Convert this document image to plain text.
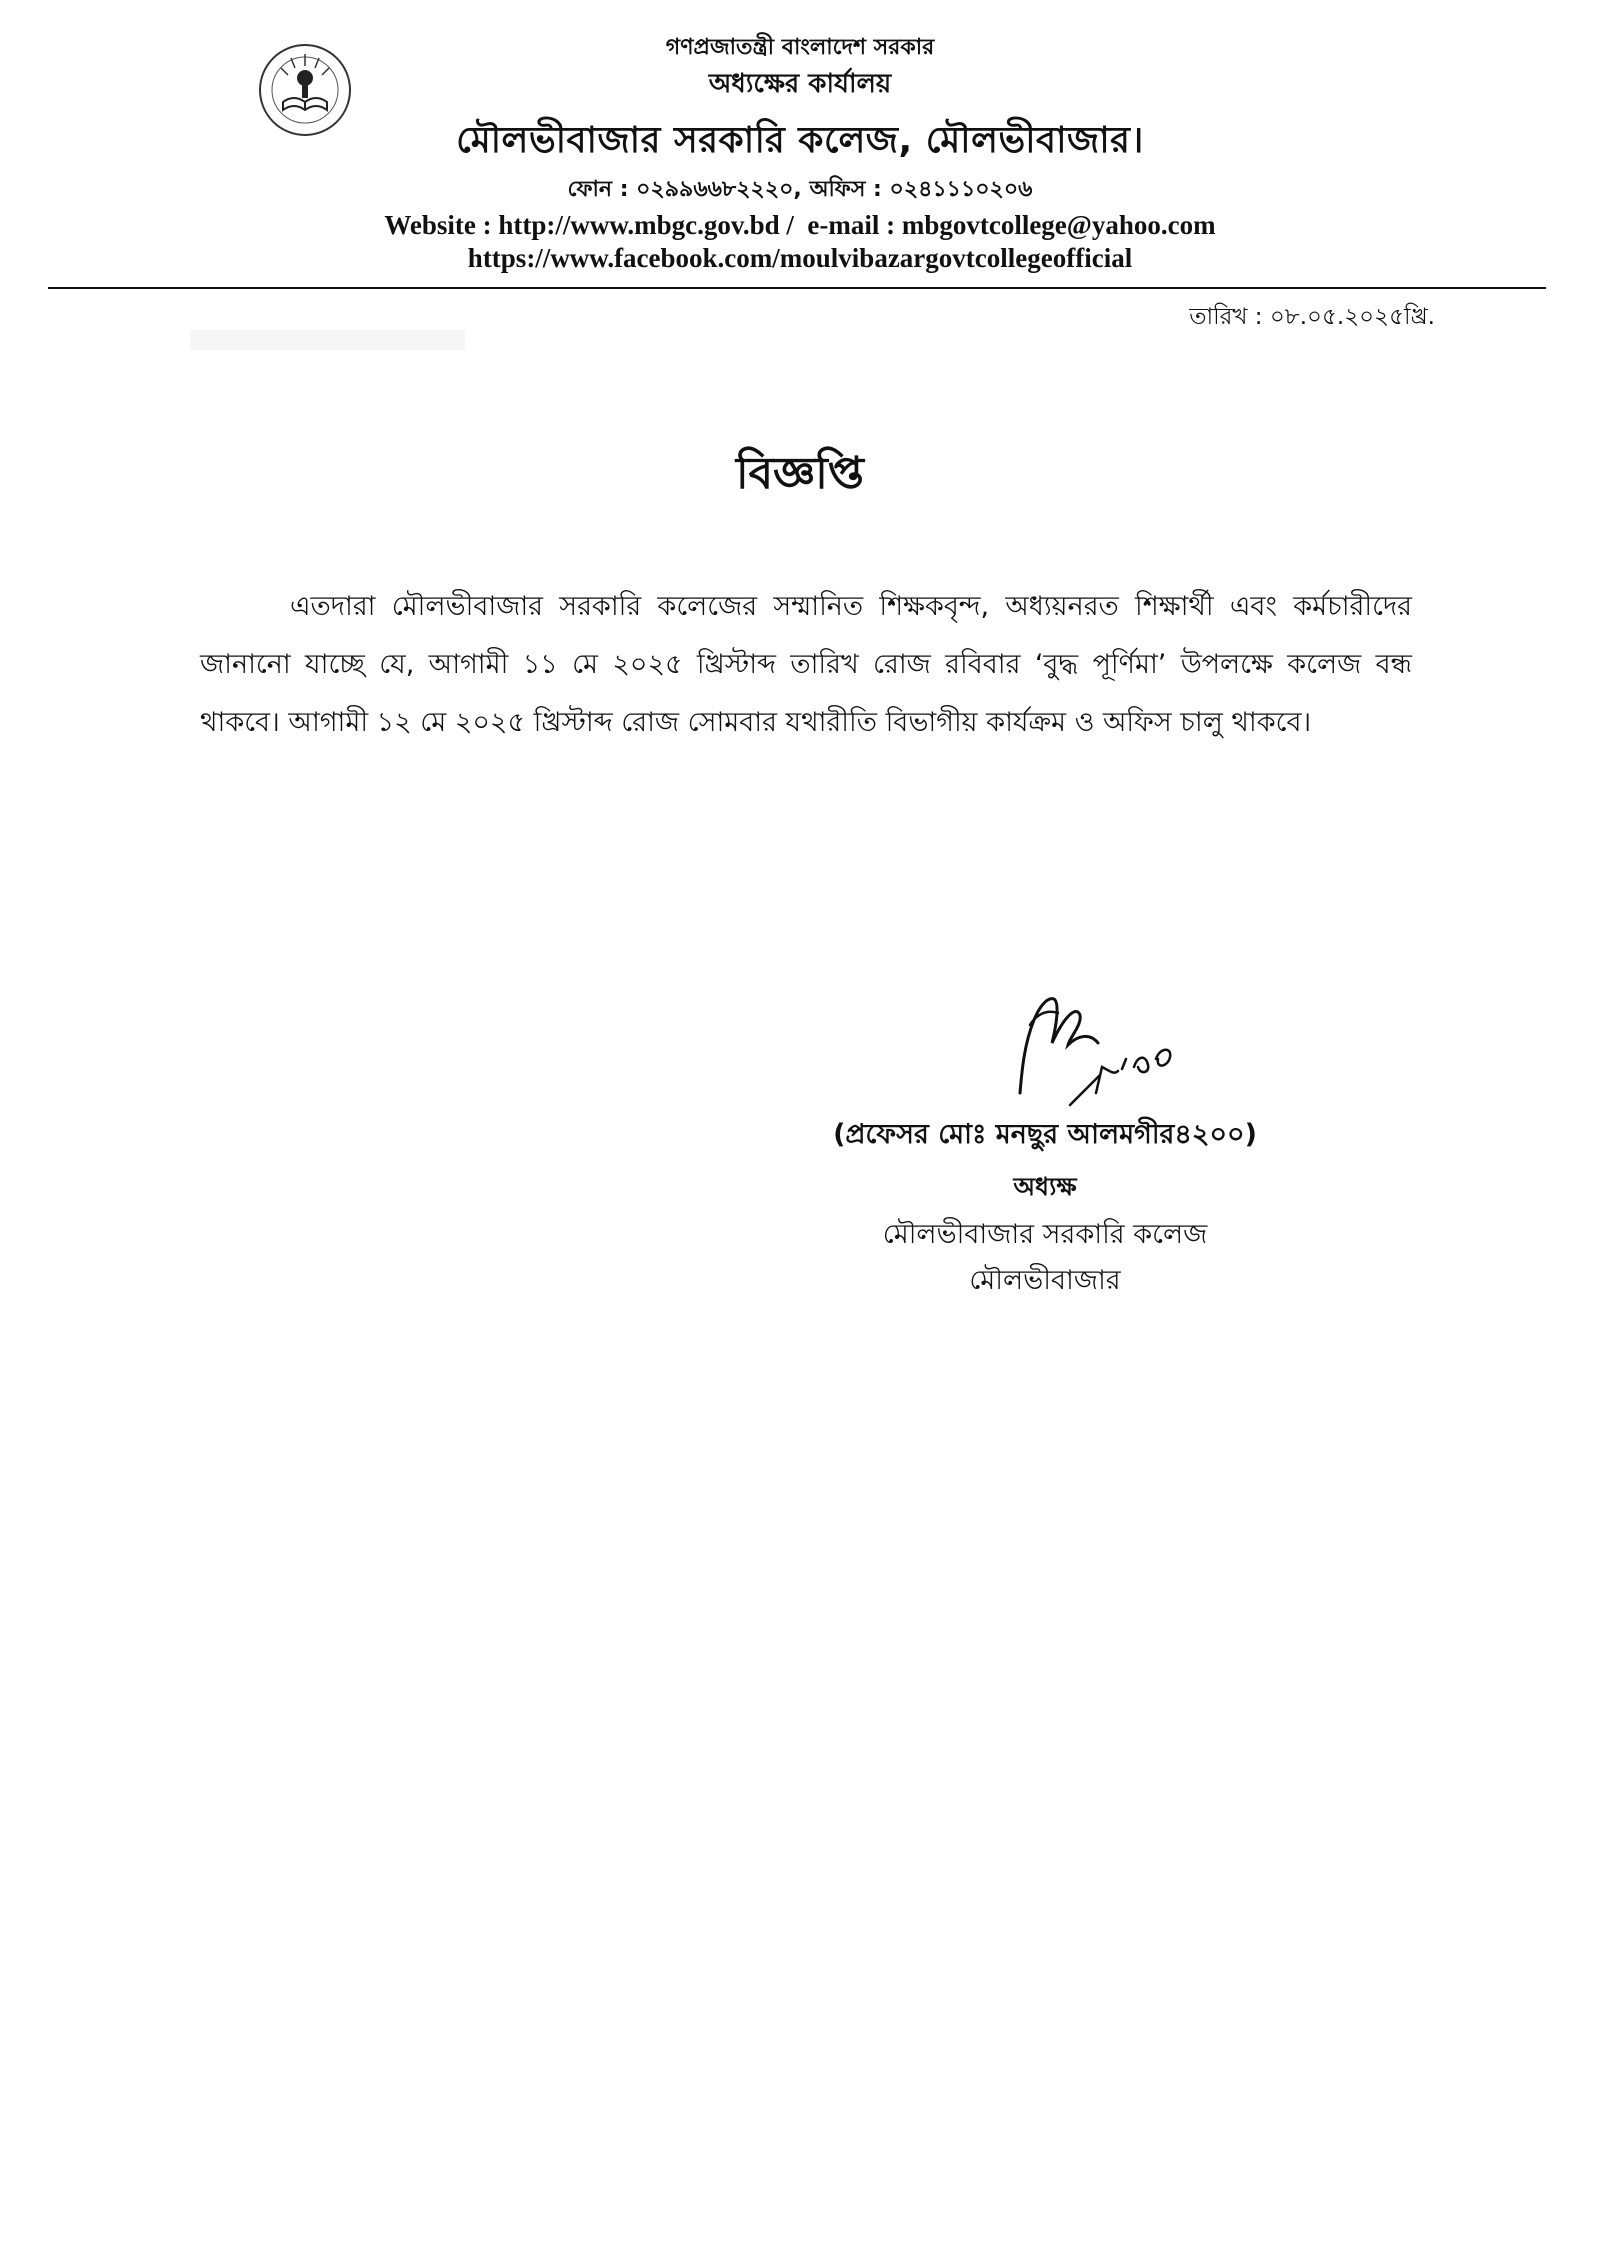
গণপ্রজাতন্ত্রী বাংলাদেশ সরকার
অধ্যক্ষের কার্যালয়
মৌলভীবাজার সরকারি কলেজ, মৌলভীবাজার।
ফোন : ০২৯৯৬৬৮২২২০, অফিস : ০২৪১১১০২০৬
Website : http://www.mbgc.gov.bd /  e-mail : mbgovtcollege@yahoo.com
https://www.facebook.com/moulvibazargovtcollegeofficial
তারিখ : ০৮.০৫.২০২৫খ্রি.
বিজ্ঞপ্তি
এতদারা মৌলভীবাজার সরকারি কলেজের সম্মানিত শিক্ষকবৃন্দ, অধ্যয়নরত শিক্ষার্থী এবং কর্মচারীদের জানানো যাচ্ছে যে, আগামী ১১ মে ২০২৫ খ্রিস্টাব্দ তারিখ রোজ রবিবার ‘বুদ্ধ পূর্ণিমা’ উপলক্ষে কলেজ বন্ধ থাকবে। আগামী ১২ মে ২০২৫ খ্রিস্টাব্দ রোজ সোমবার যথারীতি বিভাগীয় কার্যক্রম ও অফিস চালু থাকবে।
(প্রফেসর মোঃ মনছুর আলমগীর৪২০০)
অধ্যক্ষ
মৌলভীবাজার সরকারি কলেজ
মৌলভীবাজার
